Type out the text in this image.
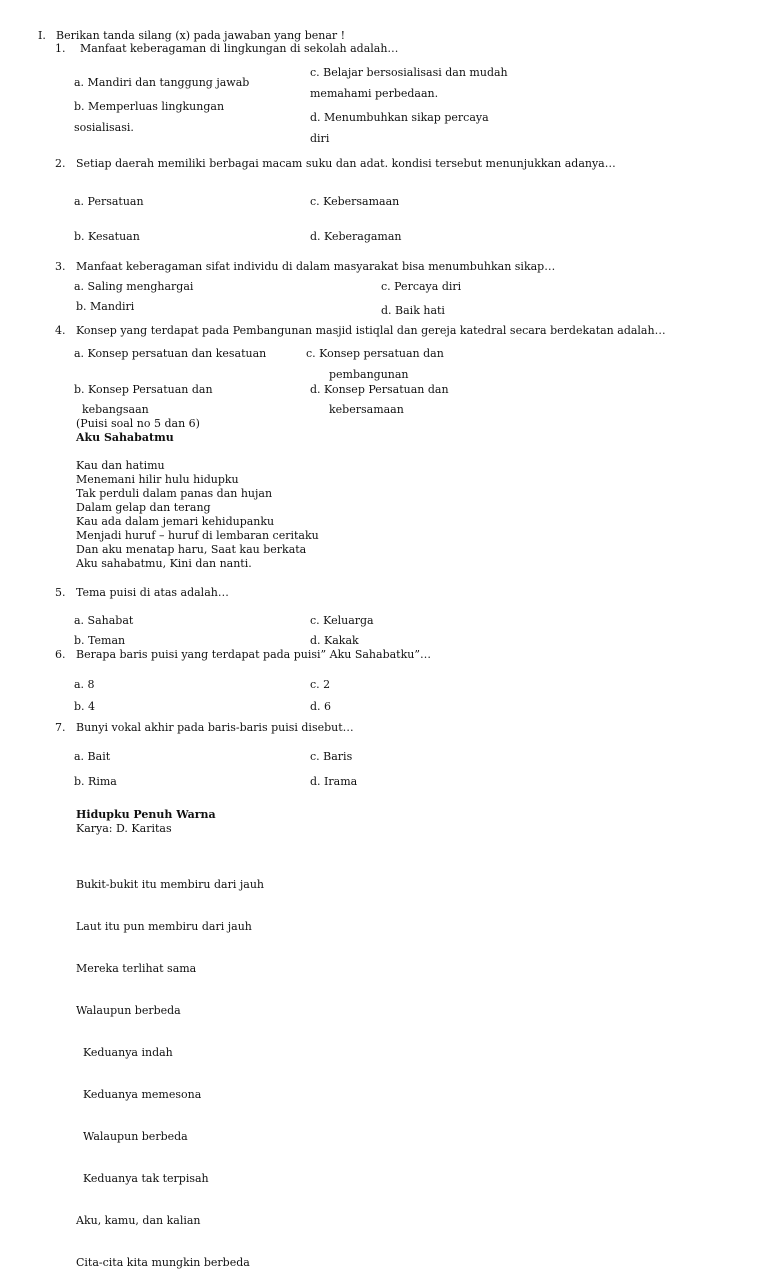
I. Berikan tanda silang (x) pada jawaban yang benar !
1. Manfaat keberagaman di lingkungan di sekolah adalah…
a. Mandiri dan tanggung jawab
b. Memperluas lingkungan
sosialisasi.
c. Belajar bersosialisasi dan mudah
memahami perbedaan.
d. Menumbuhkan sikap percaya
diri
2. Setiap daerah memiliki berbagai macam suku dan adat. kondisi tersebut menunjukkan adanya…
a. Persatuan
b. Kesatuan
c. Kebersamaan
d. Keberagaman
3. Manfaat keberagaman sifat individu di dalam masyarakat bisa menumbuhkan sikap…
a. Saling menghargai
b. Mandiri
c. Percaya diri
d. Baik hati
4. Konsep yang terdapat pada Pembangunan masjid istiqlal dan gereja katedral secara berdekatan adalah…
a. Konsep persatuan dan kesatuan
b. Konsep Persatuan dan
kebangsaan
c. Konsep persatuan dan
pembangunan
d. Konsep Persatuan dan
kebersamaan
(Puisi soal no 5 dan 6)
Aku Sahabatmu
Kau dan hatimu
Menemani hilir hulu hidupku
Tak perduli dalam panas dan hujan
Dalam gelap dan terang
Kau ada dalam jemari kehidupanku
Menjadi huruf – huruf di lembaran ceritaku
Dan aku menatap haru, Saat kau berkata
Aku sahabatmu, Kini dan nanti.
5. Tema puisi di atas adalah…
a. Sahabat
b. Teman
c. Keluarga
d. Kakak
6. Berapa baris puisi yang terdapat pada puisi” Aku Sahabatku”…
a. 8
b. 4
c. 2
d. 6
7. Bunyi vokal akhir pada baris-baris puisi disebut…
a. Bait
b. Rima
c. Baris
d. Irama
Hidupku Penuh Warna
Karya: D. Karitas

Bukit-bukit itu membiru dari jauh

Laut itu pun membiru dari jauh

Mereka terlihat sama

Walaupun berbeda

Keduanya indah

Keduanya memesona

Walaupun berbeda

Keduanya tak terpisah

Aku, kamu, dan kalian

Cita-cita kita mungkin berbeda
